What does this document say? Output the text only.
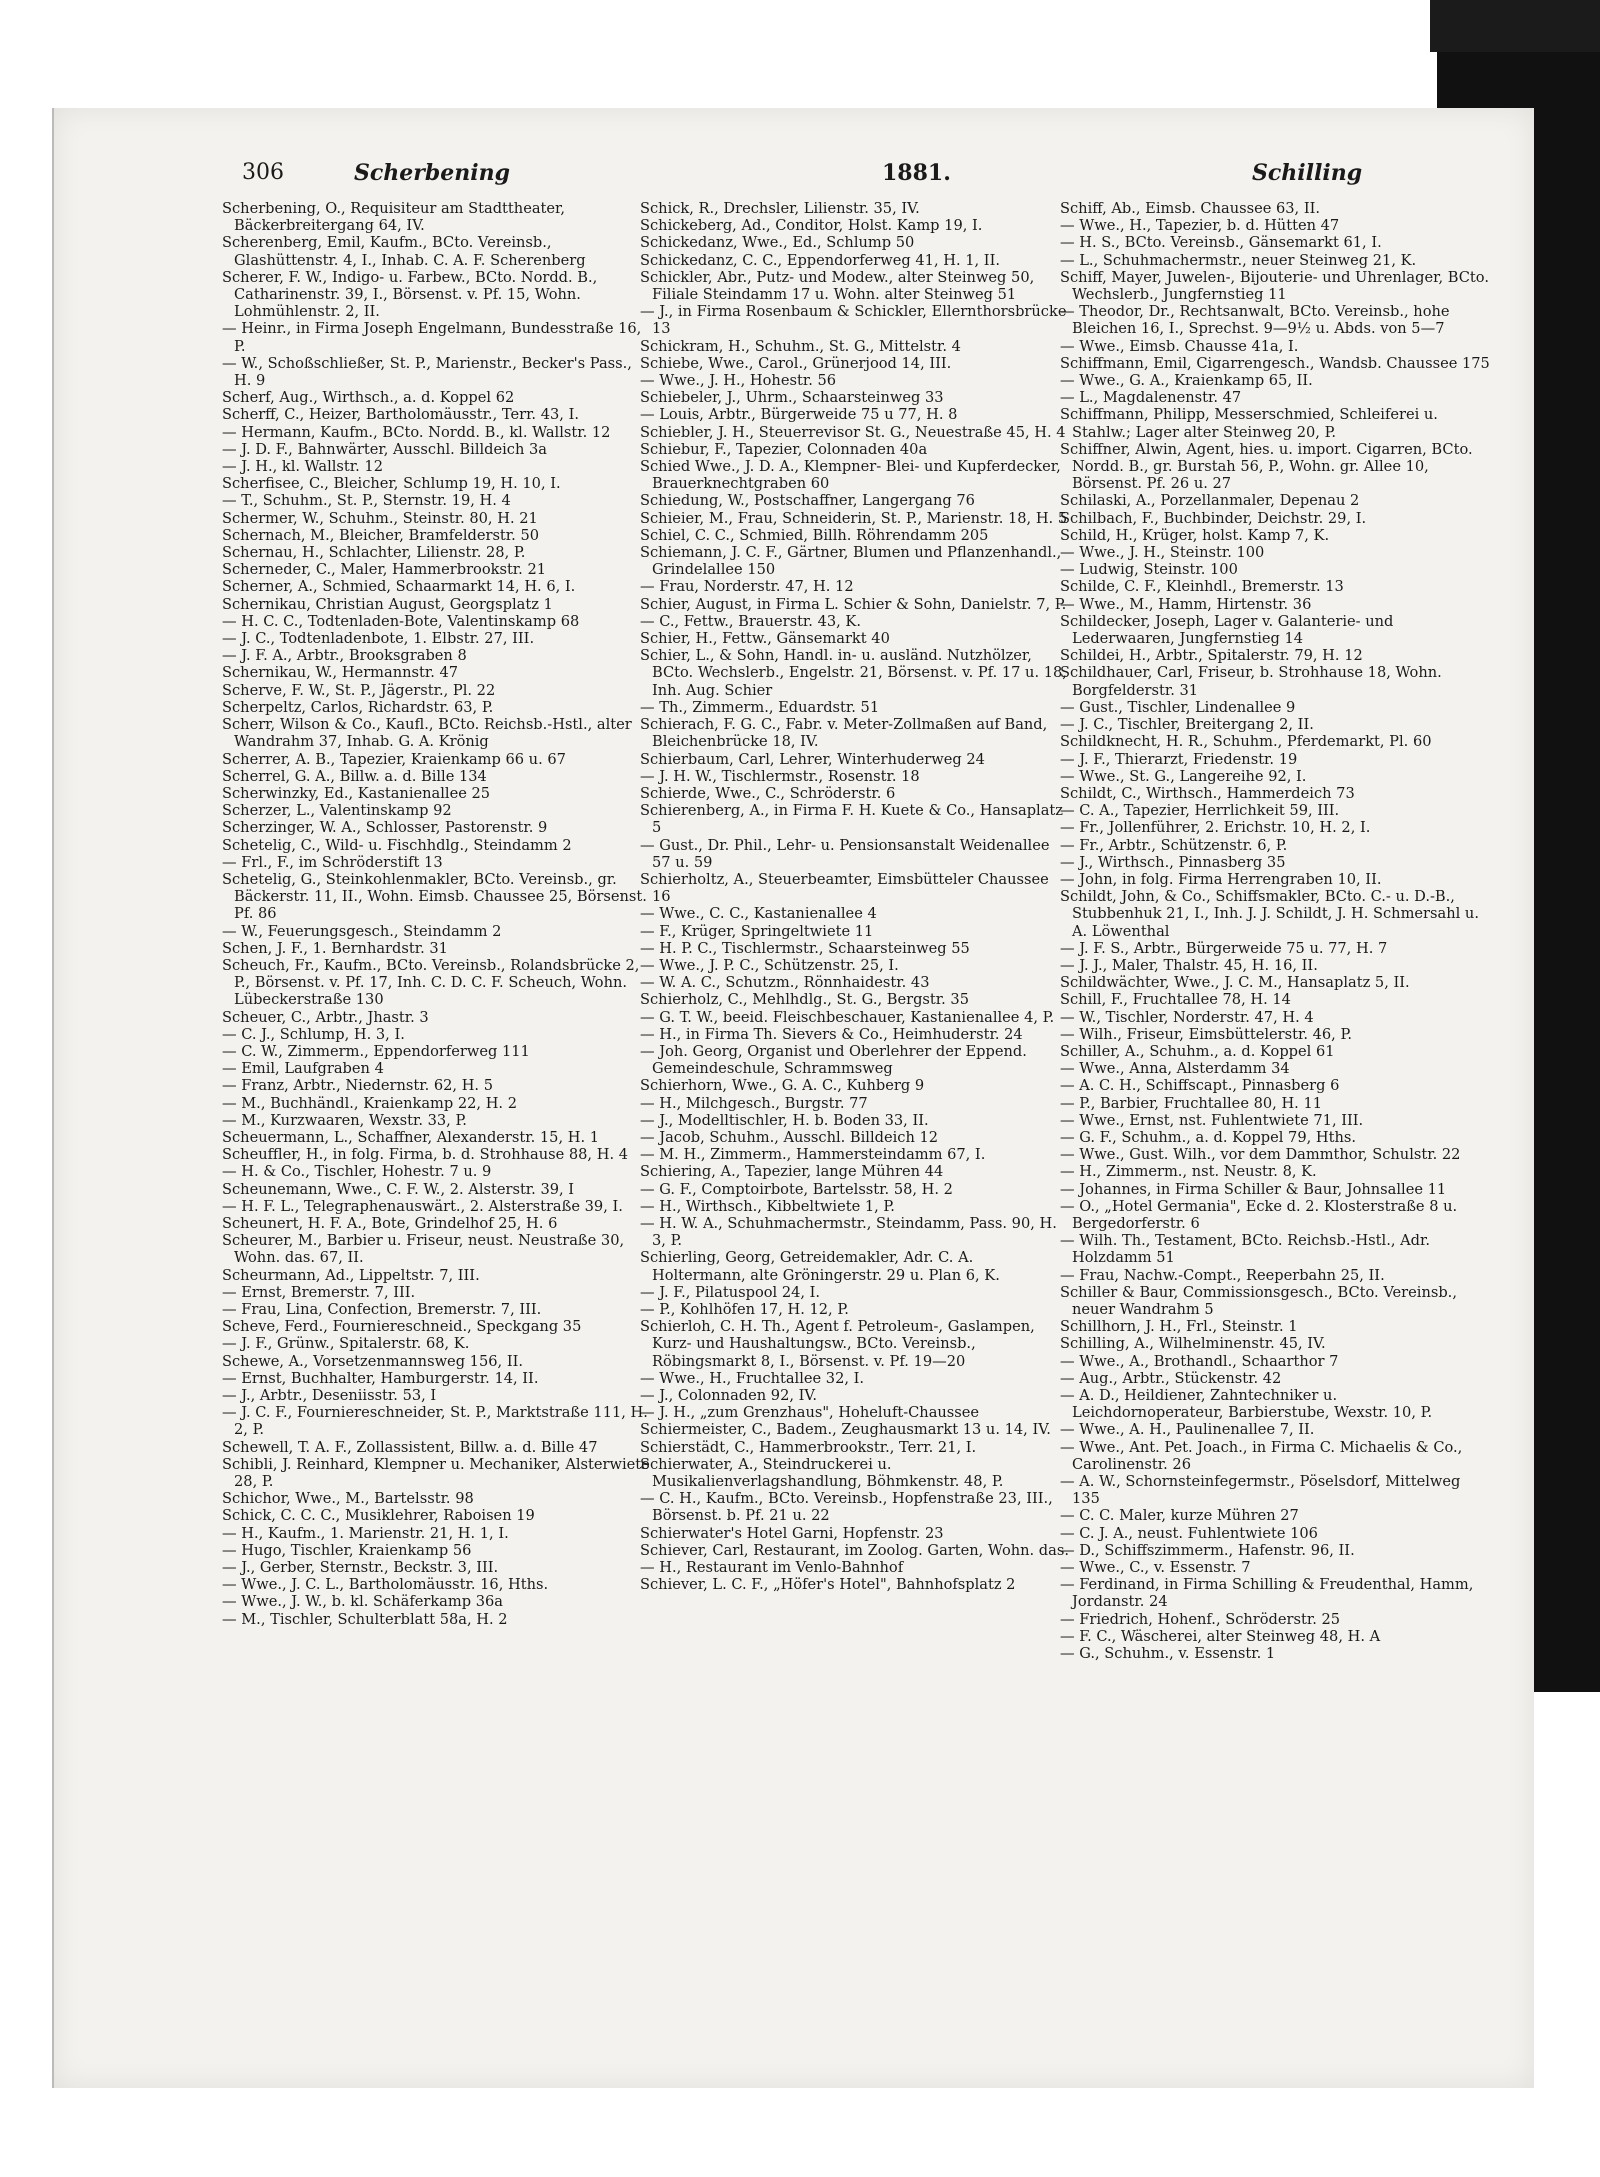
306	Scherbening	1881.	Schilling

Scherbening, O., Requisiteur am Stadttheater, Bäckerbreitergang 64, IV.

Scherenberg, Emil, Kaufm., BCto. Vereinsb., Glashüttenstr. 4, I., Inhab. C. A. F. Scherenberg

Scherer, F. W., Indigo- u. Farbew., BCto. Nordd. B., Catharinenstr. 39, I., Börsenst. v. Pf. 15, Wohn. Lohmühlenstr. 2, II.

— Heinr., in Firma Joseph Engelmann, Bundesstraße 16, P.

— W., Schoßschließer, St. P., Marienstr., Becker's Pass., H. 9

Scherf, Aug., Wirthsch., a. d. Koppel 62

Scherff, C., Heizer, Bartholomäusstr., Terr. 43, I.

— Hermann, Kaufm., BCto. Nordd. B., kl. Wallstr. 12

— J. D. F., Bahnwärter, Ausschl. Billdeich 3a

— J. H., kl. Wallstr. 12

Scherfisee, C., Bleicher, Schlump 19, H. 10, I.

— T., Schuhm., St. P., Sternstr. 19, H. 4

Schermer, W., Schuhm., Steinstr. 80, H. 21

Schernach, M., Bleicher, Bramfelderstr. 50

Schernau, H., Schlachter, Lilienstr. 28, P.

Scherneder, C., Maler, Hammerbrookstr. 21

Scherner, A., Schmied, Schaarmarkt 14, H. 6, I.

Schernikau, Christian August, Georgsplatz 1

— H. C. C., Todtenladen-Bote, Valentinskamp 68

— J. C., Todtenladenbote, 1. Elbstr. 27, III.

— J. F. A., Arbtr., Brooksgraben 8

Schernikau, W., Hermannstr. 47

Scherve, F. W., St. P., Jägerstr., Pl. 22

Scherpeltz, Carlos, Richardstr. 63, P.

Scherr, Wilson & Co., Kaufl., BCto. Reichsb.-Hstl., alter Wandrahm 37, Inhab. G. A. Krönig

Scherrer, A. B., Tapezier, Kraienkamp 66 u. 67

Scherrel, G. A., Billw. a. d. Bille 134

Scherwinzky, Ed., Kastanienallee 25

Scherzer, L., Valentinskamp 92

Scherzinger, W. A., Schlosser, Pastorenstr. 9

Schetelig, C., Wild- u. Fischhdlg., Steindamm 2

— Frl., F., im Schröderstift 13

Schetelig, G., Steinkohlenmakler, BCto. Vereinsb., gr. Bäckerstr. 11, II., Wohn. Eimsb. Chaussee 25, Börsenst. Pf. 86

— W., Feuerungsgesch., Steindamm 2

Schen, J. F., 1. Bernhardstr. 31

Scheuch, Fr., Kaufm., BCto. Vereinsb., Rolandsbrücke 2, P., Börsenst. v. Pf. 17, Inh. C. D. C. F. Scheuch, Wohn. Lübeckerstraße 130

Scheuer, C., Arbtr., Jhastr. 3

— C. J., Schlump, H. 3, I.

— C. W., Zimmerm., Eppendorferweg 111

— Emil, Laufgraben 4

— Franz, Arbtr., Niedernstr. 62, H. 5

— M., Buchhändl., Kraienkamp 22, H. 2

— M., Kurzwaaren, Wexstr. 33, P.

Scheuermann, L., Schaffner, Alexanderstr. 15, H. 1

Scheuffler, H., in folg. Firma, b. d. Strohhause 88, H. 4

— H. & Co., Tischler, Hohestr. 7 u. 9

Scheunemann, Wwe., C. F. W., 2. Alsterstr. 39, I

— H. F. L., Telegraphenauswärt., 2. Alsterstraße 39, I.

Scheunert, H. F. A., Bote, Grindelhof 25, H. 6

Scheurer, M., Barbier u. Friseur, neust. Neustraße 30, Wohn. das. 67, II.

Scheurmann, Ad., Lippeltstr. 7, III.

— Ernst, Bremerstr. 7, III.

— Frau, Lina, Confection, Bremerstr. 7, III.

Scheve, Ferd., Fourniereschneid., Speckgang 35

— J. F., Grünw., Spitalerstr. 68, K.

Schewe, A., Vorsetzenmannsweg 156, II.

— Ernst, Buchhalter, Hamburgerstr. 14, II.

— J., Arbtr., Deseniisstr. 53, I

— J. C. F., Fourniereschneider, St. P., Marktstraße 111, H. 2, P.

Schewell, T. A. F., Zollassistent, Billw. a. d. Bille 47

Schibli, J. Reinhard, Klempner u. Mechaniker, Alsterwiete 28, P.

Schichor, Wwe., M., Bartelsstr. 98

Schick, C. C. C., Musiklehrer, Raboisen 19

— H., Kaufm., 1. Marienstr. 21, H. 1, I.

— Hugo, Tischler, Kraienkamp 56

— J., Gerber, Sternstr., Beckstr. 3, III.

— Wwe., J. C. L., Bartholomäusstr. 16, Hths.

— Wwe., J. W., b. kl. Schäferkamp 36a

— M., Tischler, Schulterblatt 58a, H. 2

Schick, R., Drechsler, Lilienstr. 35, IV.

Schickeberg, Ad., Conditor, Holst. Kamp 19, I.

Schickedanz, Wwe., Ed., Schlump 50

Schickedanz, C. C., Eppendorferweg 41, H. 1, II.

Schickler, Abr., Putz- und Modew., alter Steinweg 50, Filiale Steindamm 17 u. Wohn. alter Steinweg 51

— J., in Firma Rosenbaum & Schickler, Ellernthorsbrücke 13

Schickram, H., Schuhm., St. G., Mittelstr. 4

Schiebe, Wwe., Carol., Grünerjood 14, III.

— Wwe., J. H., Hohestr. 56

Schiebeler, J., Uhrm., Schaarsteinweg 33

— Louis, Arbtr., Bürgerweide 75 u 77, H. 8

Schiebler, J. H., Steuerrevisor St. G., Neuestraße 45, H. 4

Schiebur, F., Tapezier, Colonnaden 40a

Schied Wwe., J. D. A., Klempner- Blei- und Kupferdecker, Brauerknechtgraben 60

Schiedung, W., Postschaffner, Langergang 76

Schieier, M., Frau, Schneiderin, St. P., Marienstr. 18, H. 5

Schiel, C. C., Schmied, Billh. Röhrendamm 205

Schiemann, J. C. F., Gärtner, Blumen und Pflanzenhandl., Grindelallee 150

— Frau, Norderstr. 47, H. 12

Schier, August, in Firma L. Schier & Sohn, Danielstr. 7, P.

— C., Fettw., Brauerstr. 43, K.

Schier, H., Fettw., Gänsemarkt 40

Schier, L., & Sohn, Handl. in- u. ausländ. Nutzhölzer, BCto. Wechslerb., Engelstr. 21, Börsenst. v. Pf. 17 u. 18, Inh. Aug. Schier

— Th., Zimmerm., Eduardstr. 51

Schierach, F. G. C., Fabr. v. Meter-Zollmaßen auf Band, Bleichenbrücke 18, IV.

Schierbaum, Carl, Lehrer, Winterhuderweg 24

— J. H. W., Tischlermstr., Rosenstr. 18

Schierde, Wwe., C., Schröderstr. 6

Schierenberg, A., in Firma F. H. Kuete & Co., Hansaplatz 5

— Gust., Dr. Phil., Lehr- u. Pensionsanstalt Weidenallee 57 u. 59

Schierholtz, A., Steuerbeamter, Eimsbütteler Chaussee 16

— Wwe., C. C., Kastanienallee 4

— F., Krüger, Springeltwiete 11

— H. P. C., Tischlermstr., Schaarsteinweg 55

— Wwe., J. P. C., Schützenstr. 25, I.

— W. A. C., Schutzm., Rönnhaidestr. 43

Schierholz, C., Mehlhdlg., St. G., Bergstr. 35

— G. T. W., beeid. Fleischbeschauer, Kastanienallee 4, P.

— H., in Firma Th. Sievers & Co., Heimhuderstr. 24

— Joh. Georg, Organist und Oberlehrer der Eppend. Gemeindeschule, Schrammsweg

Schierhorn, Wwe., G. A. C., Kuhberg 9

— H., Milchgesch., Burgstr. 77

— J., Modelltischler, H. b. Boden 33, II.

— Jacob, Schuhm., Ausschl. Billdeich 12

— M. H., Zimmerm., Hammersteindamm 67, I.

Schiering, A., Tapezier, lange Mühren 44

— G. F., Comptoirbote, Bartelsstr. 58, H. 2

— H., Wirthsch., Kibbeltwiete 1, P.

— H. W. A., Schuhmachermstr., Steindamm, Pass. 90, H. 3, P.

Schierling, Georg, Getreidemakler, Adr. C. A. Holtermann, alte Gröningerstr. 29 u. Plan 6, K.

— J. F., Pilatuspool 24, I.

— P., Kohlhöfen 17, H. 12, P.

Schierloh, C. H. Th., Agent f. Petroleum-, Gaslampen, Kurz- und Haushaltungsw., BCto. Vereinsb., Röbingsmarkt 8, I., Börsenst. v. Pf. 19—20

— Wwe., H., Fruchtallee 32, I.

— J., Colonnaden 92, IV.

— J. H., „zum Grenzhaus", Hoheluft-Chaussee

Schiermeister, C., Badem., Zeughausmarkt 13 u. 14, IV.

Schierstädt, C., Hammerbrookstr., Terr. 21, I.

Schierwater, A., Steindruckerei u. Musikalienverlagshandlung, Böhmkenstr. 48, P.

— C. H., Kaufm., BCto. Vereinsb., Hopfenstraße 23, III., Börsenst. b. Pf. 21 u. 22

Schierwater's Hotel Garni, Hopfenstr. 23

Schiever, Carl, Restaurant, im Zoolog. Garten, Wohn. das.

— H., Restaurant im Venlo-Bahnhof

Schiever, L. C. F., „Höfer's Hotel", Bahnhofsplatz 2

Schiff, Ab., Eimsb. Chaussee 63, II.

— Wwe., H., Tapezier, b. d. Hütten 47

— H. S., BCto. Vereinsb., Gänsemarkt 61, I.

— L., Schuhmachermstr., neuer Steinweg 21, K.

Schiff, Mayer, Juwelen-, Bijouterie- und Uhrenlager, BCto. Wechslerb., Jungfernstieg 11

— Theodor, Dr., Rechtsanwalt, BCto. Vereinsb., hohe Bleichen 16, I., Sprechst. 9—9½ u. Abds. von 5—7

— Wwe., Eimsb. Chausse 41a, I.

Schiffmann, Emil, Cigarrengesch., Wandsb. Chaussee 175

— Wwe., G. A., Kraienkamp 65, II.

— L., Magdalenenstr. 47

Schiffmann, Philipp, Messerschmied, Schleiferei u. Stahlw.; Lager alter Steinweg 20, P.

Schiffner, Alwin, Agent, hies. u. import. Cigarren, BCto. Nordd. B., gr. Burstah 56, P., Wohn. gr. Allee 10, Börsenst. Pf. 26 u. 27

Schilaski, A., Porzellanmaler, Depenau 2

Schilbach, F., Buchbinder, Deichstr. 29, I.

Schild, H., Krüger, holst. Kamp 7, K.

— Wwe., J. H., Steinstr. 100

— Ludwig, Steinstr. 100

Schilde, C. F., Kleinhdl., Bremerstr. 13

— Wwe., M., Hamm, Hirtenstr. 36

Schildecker, Joseph, Lager v. Galanterie- und Lederwaaren, Jungfernstieg 14

Schildei, H., Arbtr., Spitalerstr. 79, H. 12

Schildhauer, Carl, Friseur, b. Strohhause 18, Wohn. Borgfelderstr. 31

— Gust., Tischler, Lindenallee 9

— J. C., Tischler, Breitergang 2, II.

Schildknecht, H. R., Schuhm., Pferdemarkt, Pl. 60

— J. F., Thierarzt, Friedenstr. 19

— Wwe., St. G., Langereihe 92, I.

Schildt, C., Wirthsch., Hammerdeich 73

— C. A., Tapezier, Herrlichkeit 59, III.

— Fr., Jollenführer, 2. Erichstr. 10, H. 2, I.

— Fr., Arbtr., Schützenstr. 6, P.

— J., Wirthsch., Pinnasberg 35

— John, in folg. Firma Herrengraben 10, II.

Schildt, John, & Co., Schiffsmakler, BCto. C.- u. D.-B., Stubbenhuk 21, I., Inh. J. J. Schildt, J. H. Schmersahl u. A. Löwenthal

— J. F. S., Arbtr., Bürgerweide 75 u. 77, H. 7

— J. J., Maler, Thalstr. 45, H. 16, II.

Schildwächter, Wwe., J. C. M., Hansaplatz 5, II.

Schill, F., Fruchtallee 78, H. 14

— W., Tischler, Norderstr. 47, H. 4

— Wilh., Friseur, Eimsbüttelerstr. 46, P.

Schiller, A., Schuhm., a. d. Koppel 61

— Wwe., Anna, Alsterdamm 34

— A. C. H., Schiffscapt., Pinnasberg 6

— P., Barbier, Fruchtallee 80, H. 11

— Wwe., Ernst, nst. Fuhlentwiete 71, III.

— G. F., Schuhm., a. d. Koppel 79, Hths.

— Wwe., Gust. Wilh., vor dem Dammthor, Schulstr. 22

— H., Zimmerm., nst. Neustr. 8, K.

— Johannes, in Firma Schiller & Baur, Johnsallee 11

— O., „Hotel Germania", Ecke d. 2. Klosterstraße 8 u. Bergedorferstr. 6

— Wilh. Th., Testament, BCto. Reichsb.-Hstl., Adr. Holzdamm 51

— Frau, Nachw.-Compt., Reeperbahn 25, II.

Schiller & Baur, Commissionsgesch., BCto. Vereinsb., neuer Wandrahm 5

Schillhorn, J. H., Frl., Steinstr. 1

Schilling, A., Wilhelminenstr. 45, IV.

— Wwe., A., Brothandl., Schaarthor 7

— Aug., Arbtr., Stückenstr. 42

— A. D., Heildiener, Zahntechniker u. Leichdornoperateur, Barbierstube, Wexstr. 10, P.

— Wwe., A. H., Paulinenallee 7, II.

— Wwe., Ant. Pet. Joach., in Firma C. Michaelis & Co., Carolinenstr. 26

— A. W., Schornsteinfegermstr., Pöselsdorf, Mittelweg 135

— C. C. Maler, kurze Mühren 27

— C. J. A., neust. Fuhlentwiete 106

— D., Schiffszimmerm., Hafenstr. 96, II.

— Wwe., C., v. Essenstr. 7

— Ferdinand, in Firma Schilling & Freudenthal, Hamm, Jordanstr. 24

— Friedrich, Hohenf., Schröderstr. 25

— F. C., Wäscherei, alter Steinweg 48, H. A

— G., Schuhm., v. Essenstr. 1
